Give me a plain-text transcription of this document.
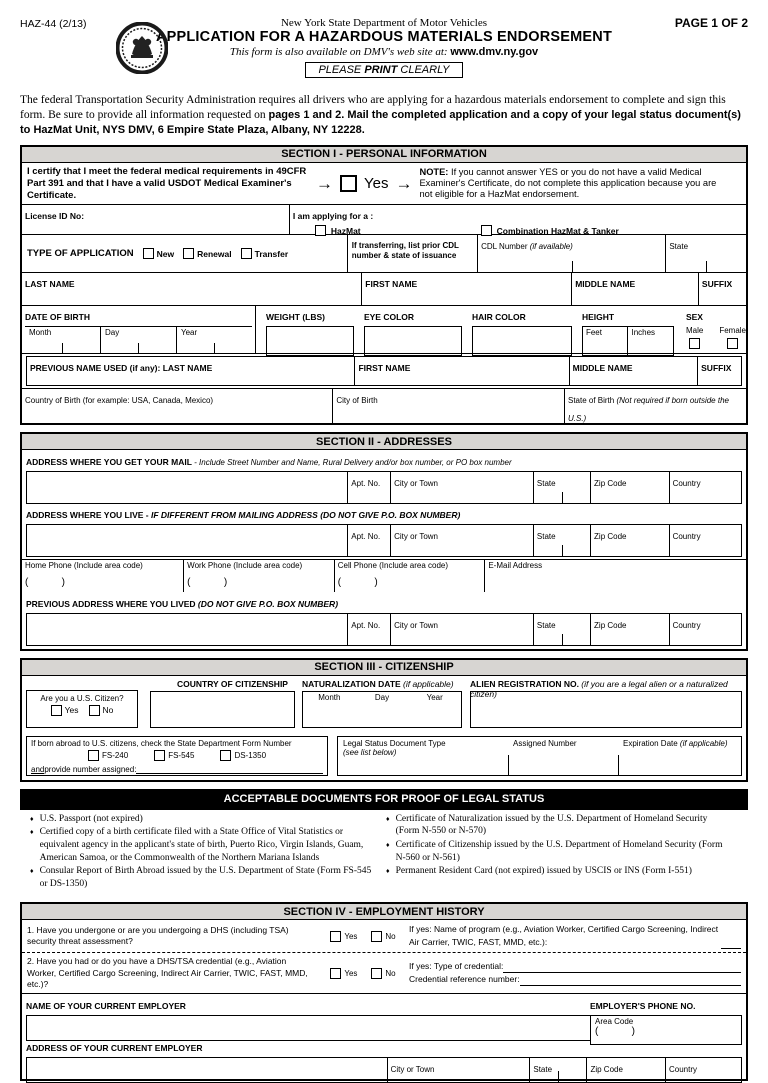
HAZ-44 (2/13)	PAGE 1 OF 2
New York State Department of Motor Vehicles
APPLICATION FOR A HAZARDOUS MATERIALS ENDORSEMENT
This form is also available on DMV's web site at: www.dmv.ny.gov
PLEASE PRINT CLEARLY

The federal Transportation Security Administration requires all drivers who are applying for a hazardous materials endorsement to complete and sign this form. Be sure to provide all information requested on pages 1 and 2. Mail the completed application and a copy of your legal status document(s) to HazMat Unit, NYS DMV, 6 Empire State Plaza, Albany, NY 12228.

SECTION I - PERSONAL INFORMATION
I certify that I meet the federal medical requirements in 49CFR Part 391 and that I have a valid USDOT Medical Examiner's Certificate.
→ Yes →
NOTE: If you cannot answer YES or you do not have a valid Medical Examiner's Certificate, do not complete this application because you are not eligible for a HazMat endorsement.
License ID No:	I am applying for a :
HazMat	Combination HazMat & Tanker
TYPE OF APPLICATION	New	Renewal	Transfer
If transferring, list prior CDL number & state of issuance
CDL Number (if available)	State
LAST NAME	FIRST NAME	MIDDLE NAME	SUFFIX
DATE OF BIRTH
Month	Day	Year
WEIGHT (LBS)	EYE COLOR	HAIR COLOR	HEIGHT
Feet	Inches
SEX
Male Female

PREVIOUS NAME USED (if any): LAST NAME	FIRST NAME	MIDDLE NAME	SUFFIX
Country of Birth (for example: USA, Canada, Mexico)	City of Birth	State of Birth (Not required if born outside the U.S.)
SECTION II - ADDRESSES
ADDRESS WHERE YOU GET YOUR MAIL - Include Street Number and Name, Rural Delivery and/or box number, or PO box number
Apt. No.	City or Town	State	Zip Code	Country
ADDRESS WHERE YOU LIVE - IF DIFFERENT FROM MAILING ADDRESS (DO NOT GIVE P.O. BOX NUMBER)
Apt. No.	City or Town	State	Zip Code	Country
Home Phone (Include area code)
(            )
Work Phone (Include area code)
(            )
Cell Phone (Include area code)
(            )
E-Mail Address
PREVIOUS ADDRESS WHERE YOU LIVED (DO NOT GIVE P.O. BOX NUMBER)
Apt. No.	City or Town	State	Zip Code	Country
SECTION III - CITIZENSHIP
Are you a U.S. Citizen?
Yes	No
COUNTRY OF CITIZENSHIP NATURALIZATION DATE (if applicable)
Month	Day	Year
ALIEN REGISTRATION NO. (if you are a legal alien or a naturalized citizen)
If born abroad to U.S. citizens, check the State Department Form Number
FS-240	FS-545	DS-1350
and provide number assigned:
Legal Status Document Type	Assigned Number	Expiration Date (if applicable)
(see list below)
ACCEPTABLE DOCUMENTS FOR PROOF OF LEGAL STATUS
♦ U.S. Passport (not expired)
♦ Certified copy of a birth certificate filed with a State Office of Vital Statistics or equivalent agency in the applicant's state of birth, Puerto Rico, Virgin Islands, Guam, American Samoa, or the Commonwealth of the Northern Mariana Islands
♦ Consular Report of Birth Abroad issued by the U.S. Department of State (Form FS-545 or DS-1350)
♦ Certificate of Naturalization issued by the U.S. Department of Homeland Security (Form N-550 or N-570)
♦ Certificate of Citizenship issued by the U.S. Department of Homeland Security (Form N-560 or N-561)
♦ Permanent Resident Card (not expired) issued by USCIS or INS (Form I-551)
SECTION IV - EMPLOYMENT HISTORY
1. Have you undergone or are you undergoing a DHS (including TSA) security threat assessment?	Yes	No
If yes: Name of program (e.g., Aviation Worker, Certified Cargo Screening, Indirect Air Carrier, TWIC, FAST, MMD, etc.):
2. Have you had or do you have a DHS/TSA credential (e.g., Aviation Worker, Certified Cargo Screening, Indirect Air Carrier, TWIC, FAST, MMD, etc.)?
Yes	No
If yes: Type of credential:
Credential reference number:
NAME OF YOUR CURRENT EMPLOYER	EMPLOYER'S PHONE NO.
Area Code
(            )
ADDRESS OF YOUR CURRENT EMPLOYER
City or Town	State	Zip Code	Country
